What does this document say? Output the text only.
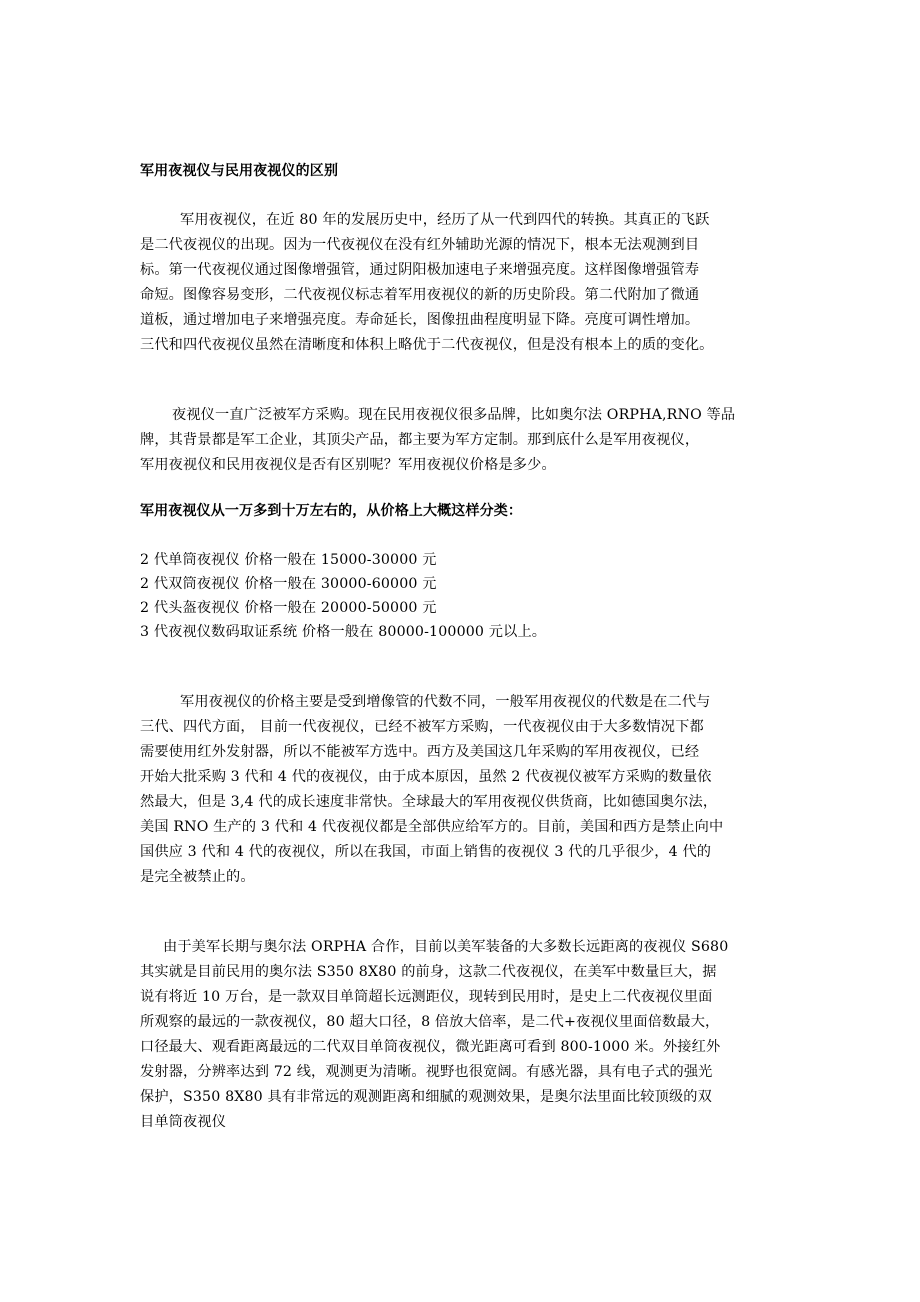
军用夜视仪与民用夜视仪的区别
军用夜视仪，在近 80 年的发展历史中，经历了从一代到四代的转换。其真正的飞跃
是二代夜视仪的出现。因为一代夜视仪在没有红外辅助光源的情况下，根本无法观测到目
标。第一代夜视仪通过图像增强管，通过阴阳极加速电子来增强亮度。这样图像增强管寿
命短。图像容易变形，二代夜视仪标志着军用夜视仪的新的历史阶段。第二代附加了微通
道板，通过增加电子来增强亮度。寿命延长，图像扭曲程度明显下降。亮度可调性增加。
三代和四代夜视仪虽然在清晰度和体积上略优于二代夜视仪，但是没有根本上的质的变化。
夜视仪一直广泛被军方采购。现在民用夜视仪很多品牌，比如奥尔法 ORPHA,RNO 等品
牌，其背景都是军工企业，其顶尖产品，都主要为军方定制。那到底什么是军用夜视仪，
军用夜视仪和民用夜视仪是否有区别呢？军用夜视仪价格是多少。
军用夜视仪从一万多到十万左右的，从价格上大概这样分类：
2 代单筒夜视仪 价格一般在 15000-30000 元
2 代双筒夜视仪 价格一般在 30000-60000 元
2 代头盔夜视仪 价格一般在 20000-50000 元
3 代夜视仪数码取证系统 价格一般在 80000-100000 元以上。
军用夜视仪的价格主要是受到增像管的代数不同，一般军用夜视仪的代数是在二代与
三代、四代方面， 目前一代夜视仪，已经不被军方采购，一代夜视仪由于大多数情况下都
需要使用红外发射器，所以不能被军方选中。西方及美国这几年采购的军用夜视仪，已经
开始大批采购 3 代和 4 代的夜视仪，由于成本原因，虽然 2 代夜视仪被军方采购的数量依
然最大，但是 3,4 代的成长速度非常快。全球最大的军用夜视仪供货商，比如德国奥尔法，
美国 RNO 生产的 3 代和 4 代夜视仪都是全部供应给军方的。目前，美国和西方是禁止向中
国供应 3 代和 4 代的夜视仪，所以在我国，市面上销售的夜视仪 3 代的几乎很少，4 代的
是完全被禁止的。
由于美军长期与奥尔法 ORPHA 合作，目前以美军装备的大多数长远距离的夜视仪 S680
其实就是目前民用的奥尔法 S350 8X80 的前身，这款二代夜视仪，在美军中数量巨大，据
说有将近 10 万台，是一款双目单筒超长远测距仪，现转到民用时，是史上二代夜视仪里面
所观察的最远的一款夜视仪，80 超大口径，8 倍放大倍率，是二代+夜视仪里面倍数最大，
口径最大、观看距离最远的二代双目单筒夜视仪，微光距离可看到 800-1000 米。外接红外
发射器，分辨率达到 72 线，观测更为清晰。视野也很宽阔。有感光器，具有电子式的强光
保护，S350 8X80 具有非常远的观测距离和细腻的观测效果，是奥尔法里面比较顶级的双
目单筒夜视仪
